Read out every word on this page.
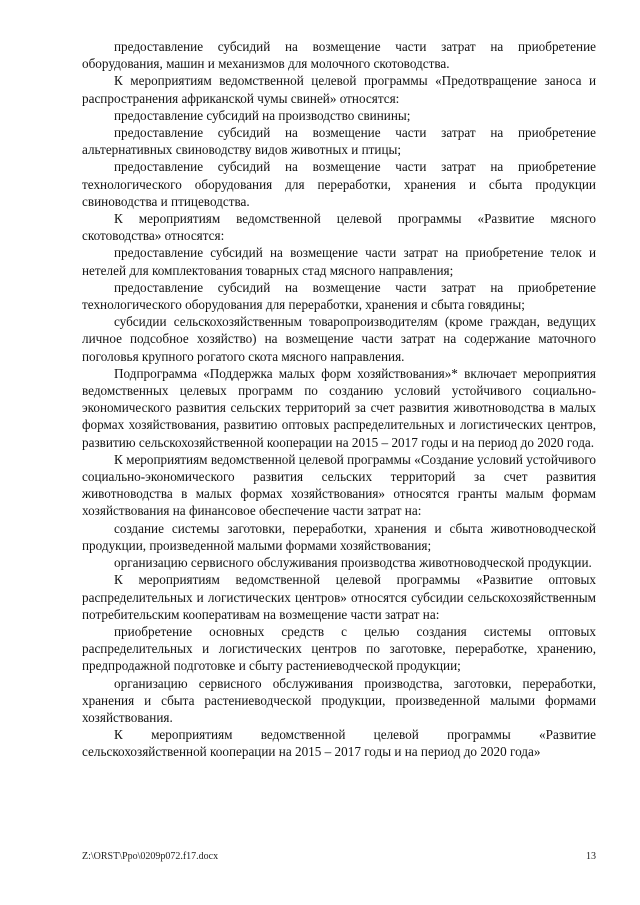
предоставление субсидий на возмещение части затрат на приобретение оборудования, машин и механизмов для молочного скотоводства.

К мероприятиям ведомственной целевой программы «Предотвращение заноса и распространения африканской чумы свиней» относятся:

предоставление субсидий на производство свинины;

предоставление субсидий на возмещение части затрат на приобретение альтернативных свиноводству видов животных и птицы;

предоставление субсидий на возмещение части затрат на приобретение технологического оборудования для переработки, хранения и сбыта продукции свиноводства и птицеводства.

К мероприятиям ведомственной целевой программы «Развитие мясного скотоводства» относятся:

предоставление субсидий на возмещение части затрат на приобретение телок и нетелей для комплектования товарных стад мясного направления;

предоставление субсидий на возмещение части затрат на приобретение технологического оборудования для переработки, хранения и сбыта говядины;

субсидии сельскохозяйственным товаропроизводителям (кроме граждан, ведущих личное подсобное хозяйство) на возмещение части затрат на содержание маточного поголовья крупного рогатого скота мясного направления.

Подпрограмма «Поддержка малых форм хозяйствования»* включает мероприятия ведомственных целевых программ по созданию условий устойчивого социально-экономического развития сельских территорий за счет развития животноводства в малых формах хозяйствования, развитию оптовых распределительных и логистических центров, развитию сельскохозяйственной кооперации на 2015 – 2017 годы и на период до 2020 года.

К мероприятиям ведомственной целевой программы «Создание условий устойчивого социально-экономического развития сельских территорий за счет развития животноводства в малых формах хозяйствования» относятся гранты малым формам хозяйствования на финансовое обеспечение части затрат на:

создание системы заготовки, переработки, хранения и сбыта животноводческой продукции, произведенной малыми формами хозяйствования;

организацию сервисного обслуживания производства животноводческой продукции.

К мероприятиям ведомственной целевой программы «Развитие оптовых распределительных и логистических центров» относятся субсидии сельскохозяйственным потребительским кооперативам на возмещение части затрат на:

приобретение основных средств с целью создания системы оптовых распределительных и логистических центров по заготовке, переработке, хранению, предпродажной подготовке и сбыту растениеводческой продукции;

организацию сервисного обслуживания производства, заготовки, переработки, хранения и сбыта растениеводческой продукции, произведенной малыми формами хозяйствования.

К мероприятиям ведомственной целевой программы «Развитие сельскохозяйственной кооперации на 2015 – 2017 годы и на период до 2020 года»

Z:\ORST\Ppo\0209p072.f17.docx	13
